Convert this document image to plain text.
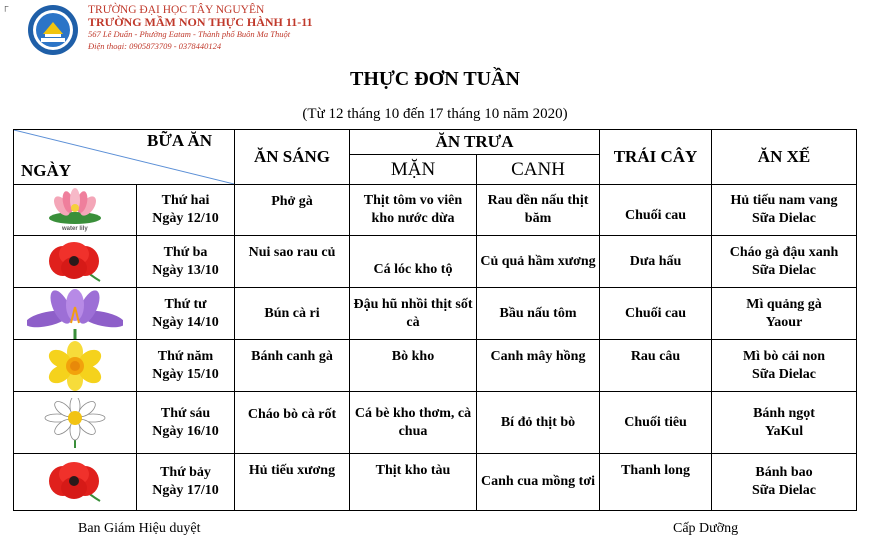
┌	TRƯỜNG ĐẠI HỌC TÂY NGUYÊN
TRƯỜNG MẦM NON THỰC HÀNH 11-11
567 Lê Duẩn - Phường Eatam - Thành phố Buôn Ma Thuột
Điện thoại: 0905873709 - 0378440124
THỰC ĐƠN TUẦN
(Từ 12 tháng 10 đến 17 tháng 10 năm 2020)
BỮA ĂN
NGÀY		ĂN SÁNG	ĂN TRƯA		TRÁI CÂY	ĂN XẾ
			MẶN	CANH		

water lily	Thứ hai
Ngày 12/10	Phở gà	Thịt tôm vo viên kho nước dừa	Rau dền nấu thịt băm	Chuối cau	Hủ tiếu nam vang
Sữa Dielac

	Thứ ba
Ngày 13/10	Nui sao rau củ	Cá lóc kho tộ	Củ quả hầm xương	Dưa hấu	Cháo gà đậu xanh
Sữa Dielac

	Thứ tư
Ngày 14/10	Bún cà ri	Đậu hũ nhồi thịt sốt cà	Bầu nấu tôm	Chuối cau	Mì quảng gà
Yaour

	Thứ năm
Ngày 15/10	Bánh canh gà	Bò kho	Canh mây hồng	Rau câu	Mì bò cải non
Sữa Dielac

	Thứ sáu
Ngày 16/10	Cháo bò cà rốt	Cá bè kho thơm, cà chua	Bí đỏ thịt bò	Chuối tiêu	Bánh ngọt
YaKul

	Thứ bảy
Ngày 17/10	Hủ tiếu xương	Thịt kho tàu	Canh cua mồng tơi	Thanh long	Bánh bao
Sữa Dielac
Ban Giám Hiệu duyệt	Cấp Dưỡng
